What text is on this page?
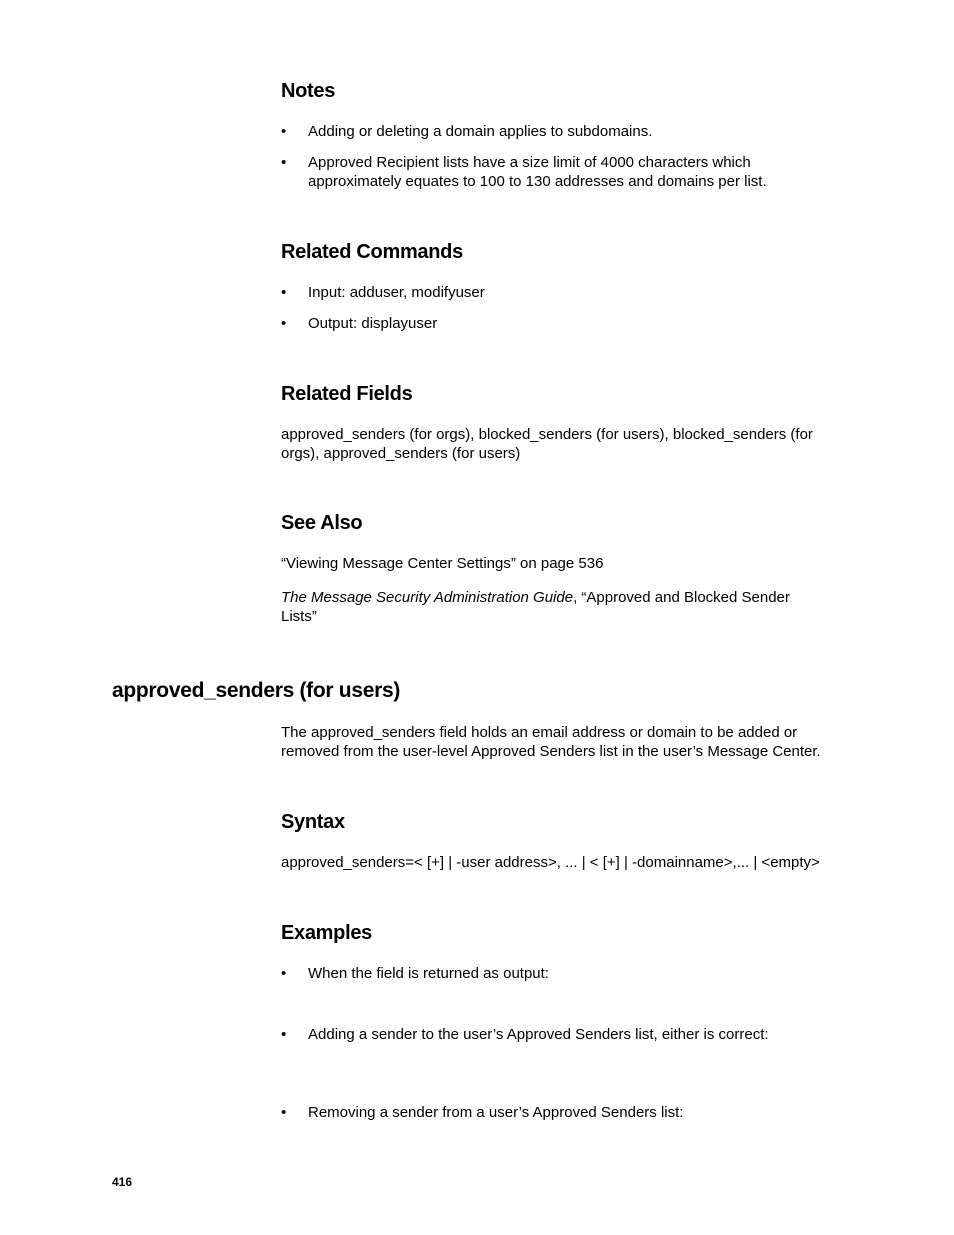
Notes
• Adding or deleting a domain applies to subdomains.
• Approved Recipient lists have a size limit of 4000 characters which approximately equates to 100 to 130 addresses and domains per list.
Related Commands
• Input: adduser, modifyuser
• Output: displayuser
Related Fields

approved_senders (for orgs), blocked_senders (for users), blocked_senders (for orgs), approved_senders (for users)

See Also

“Viewing Message Center Settings” on page 536

The Message Security Administration Guide, “Approved and Blocked Sender Lists”

approved_senders (for users)

The approved_senders field holds an email address or domain to be added or removed from the user-level Approved Senders list in the user’s Message Center.

Syntax

approved_senders=< [+] | -user address>, ... | < [+] | -domainname>,... | <empty>

Examples
• When the field is returned as output:
• Adding a sender to the user’s Approved Senders list, either is correct:
• Removing a sender from a user’s Approved Senders list:
416
